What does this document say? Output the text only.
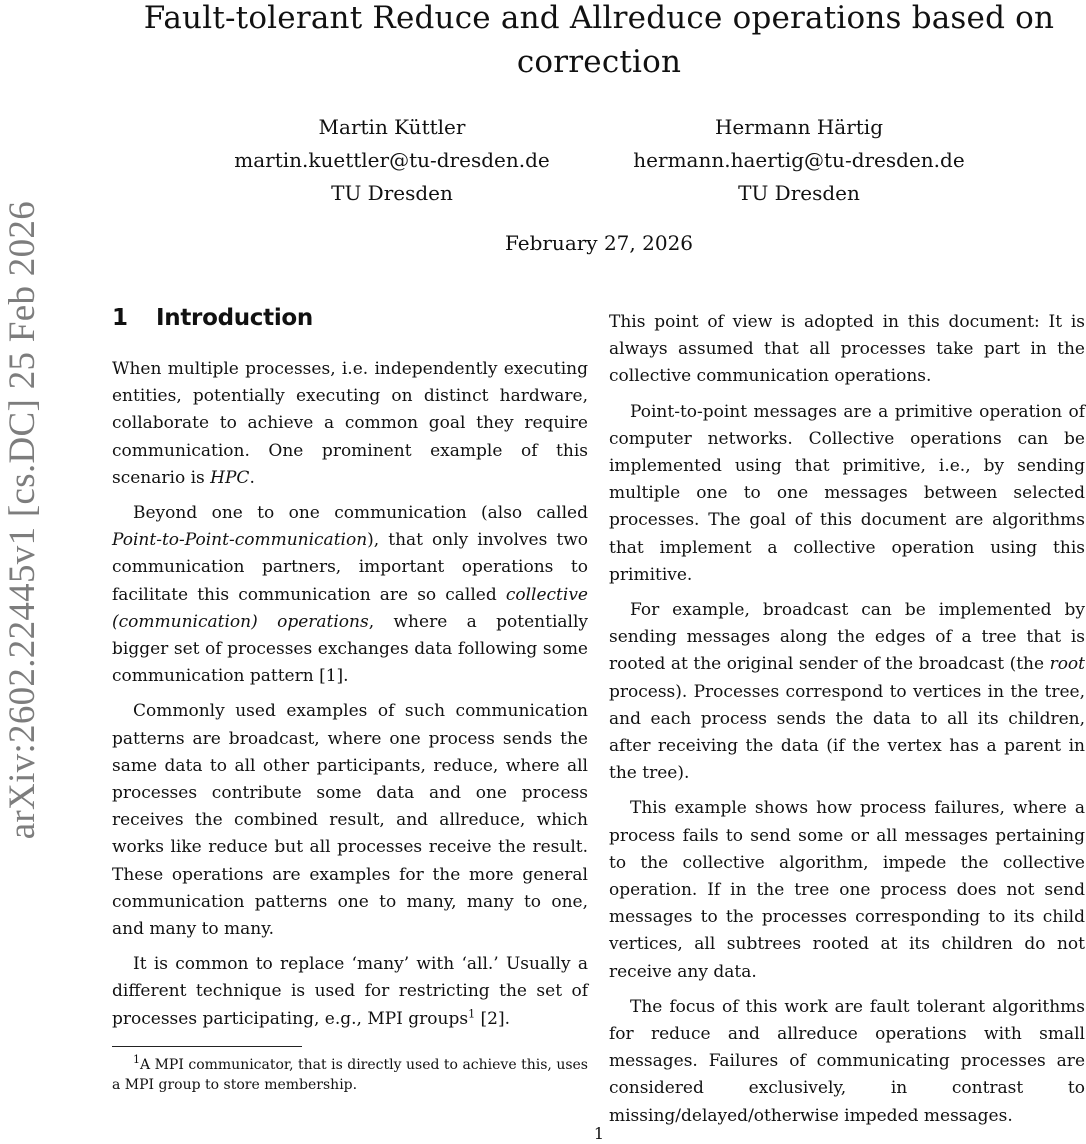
arXiv:2602.22445v1 [cs.DC] 25 Feb 2026
Fault-tolerant Reduce and Allreduce operations based on correction
Martin Küttler
martin.kuettler@tu-dresden.de
TU Dresden
Hermann Härtig
hermann.haertig@tu-dresden.de
TU Dresden
February 27, 2026
1 Introduction

When multiple processes, i.e. independently executing entities, potentially executing on distinct hardware, collaborate to achieve a common goal they require communication. One prominent example of this scenario is HPC.

Beyond one to one communication (also called Point-to-Point-communication), that only involves two communication partners, important operations to facilitate this communication are so called collective (communication) operations, where a potentially bigger set of processes exchanges data following some communication pattern [1].

Commonly used examples of such communication patterns are broadcast, where one process sends the same data to all other participants, reduce, where all processes contribute some data and one process receives the combined result, and allreduce, which works like reduce but all processes receive the result. These operations are examples for the more general communication patterns one to many, many to one, and many to many.

It is common to replace ‘many’ with ‘all.’ Usually a different technique is used for restricting the set of processes participating, e.g., MPI groups$^1$ [2].

$^1$A MPI communicator, that is directly used to achieve this, uses a MPI group to store membership.

This point of view is adopted in this document: It is always assumed that all processes take part in the collective communication operations.

Point-to-point messages are a primitive operation of computer networks. Collective operations can be implemented using that primitive, i.e., by sending multiple one to one messages between selected processes. The goal of this document are algorithms that implement a collective operation using this primitive.

For example, broadcast can be implemented by sending messages along the edges of a tree that is rooted at the original sender of the broadcast (the root process). Processes correspond to vertices in the tree, and each process sends the data to all its children, after receiving the data (if the vertex has a parent in the tree).

This example shows how process failures, where a process fails to send some or all messages pertaining to the collective algorithm, impede the collective operation. If in the tree one process does not send messages to the processes corresponding to its child vertices, all subtrees rooted at its children do not receive any data.

The focus of this work are fault tolerant algorithms for reduce and allreduce operations with small messages. Failures of communicating processes are considered exclusively, in contrast to missing/delayed/otherwise impeded messages.

1
